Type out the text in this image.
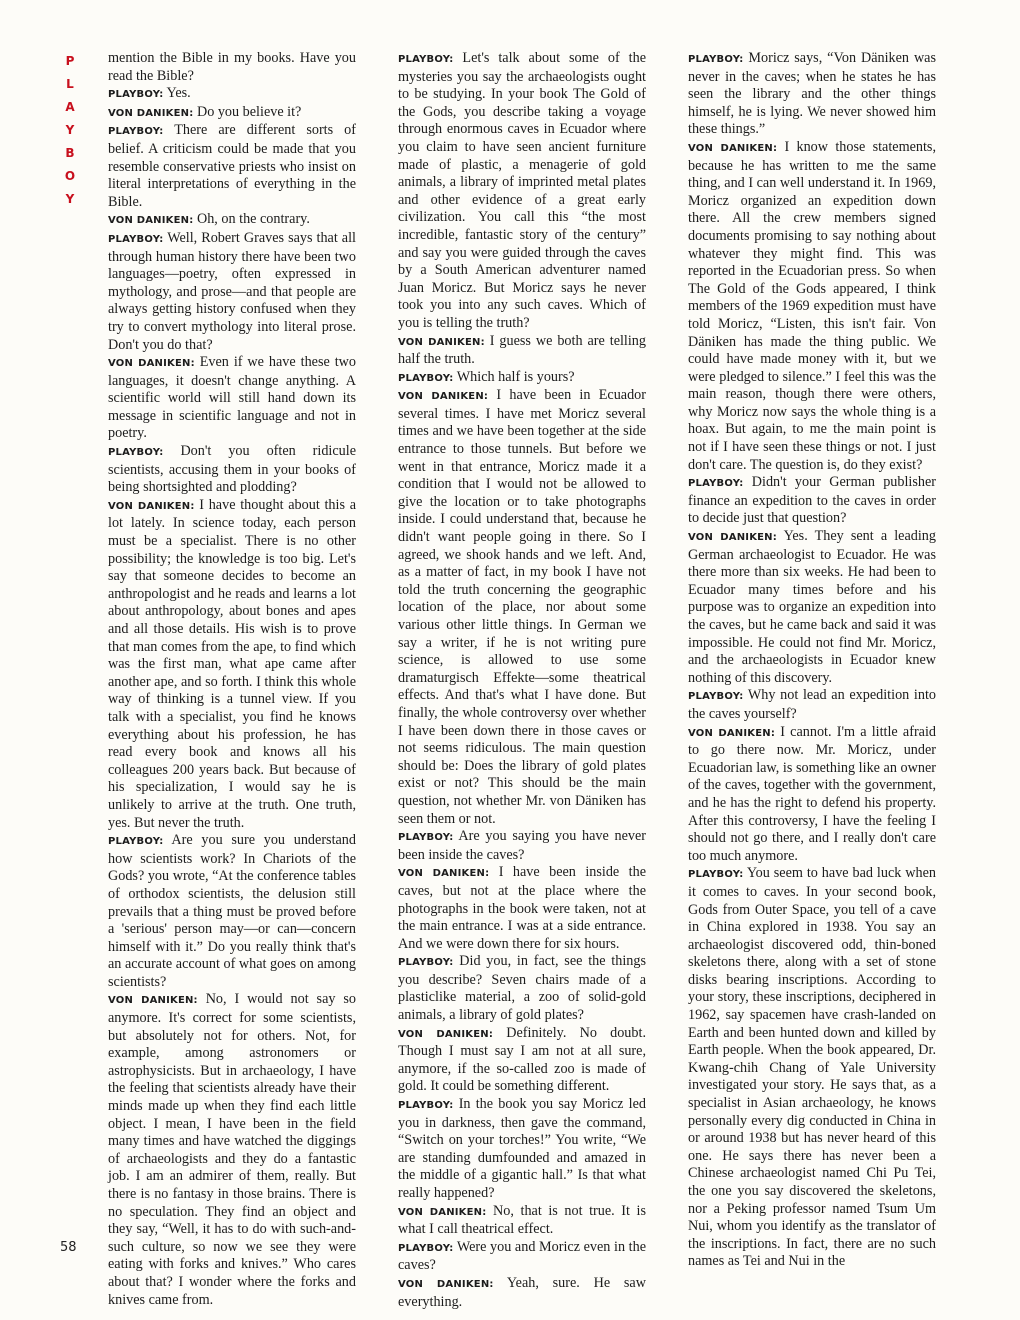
P
L
A
Y
B
O
Y

mention the Bible in my books. Have you read the Bible?

PLAYBOY: Yes.

VON DANIKEN: Do you believe it?

PLAYBOY: There are different sorts of belief. A criticism could be made that you resemble conservative priests who insist on literal interpretations of everything in the Bible.

VON DANIKEN: Oh, on the contrary.

PLAYBOY: Well, Robert Graves says that all through human history there have been two languages—poetry, often expressed in mythology, and prose—and that people are always getting history confused when they try to convert mythology into literal prose. Don't you do that?

VON DANIKEN: Even if we have these two languages, it doesn't change anything. A scientific world will still hand down its message in scientific language and not in poetry.

PLAYBOY: Don't you often ridicule scientists, accusing them in your books of being shortsighted and plodding?

VON DANIKEN: I have thought about this a lot lately. In science today, each person must be a specialist. There is no other possibility; the knowledge is too big. Let's say that someone decides to become an anthropologist and he reads and learns a lot about anthropology, about bones and apes and all those details. His wish is to prove that man comes from the ape, to find which was the first man, what ape came after another ape, and so forth. I think this whole way of thinking is a tunnel view. If you talk with a specialist, you find he knows everything about his profession, he has read every book and knows all his colleagues 200 years back. But because of his specialization, I would say he is unlikely to arrive at the truth. One truth, yes. But never the truth.

PLAYBOY: Are you sure you understand how scientists work? In Chariots of the Gods? you wrote, “At the conference tables of orthodox scientists, the delusion still prevails that a thing must be proved before a 'serious' person may—or can—concern himself with it.” Do you really think that's an accurate account of what goes on among scientists?

VON DANIKEN: No, I would not say so anymore. It's correct for some scientists, but absolutely not for others. Not, for example, among astronomers or astrophysicists. But in archaeology, I have the feeling that scientists already have their minds made up when they find each little object. I mean, I have been in the field many times and have watched the diggings of archaeologists and they do a fantastic job. I am an admirer of them, really. But there is no fantasy in those brains. There is no speculation. They find an object and they say, “Well, it has to do with such-and-such culture, so now we see they were eating with forks and knives.” Who cares about that? I wonder where the forks and knives came from.

PLAYBOY: Let's talk about some of the mysteries you say the archaeologists ought to be studying. In your book The Gold of the Gods, you describe taking a voyage through enormous caves in Ecuador where you claim to have seen ancient furniture made of plastic, a menagerie of gold animals, a library of imprinted metal plates and other evidence of a great early civilization. You call this “the most incredible, fantastic story of the century” and say you were guided through the caves by a South American adventurer named Juan Moricz. But Moricz says he never took you into any such caves. Which of you is telling the truth?

VON DANIKEN: I guess we both are telling half the truth.

PLAYBOY: Which half is yours?

VON DANIKEN: I have been in Ecuador several times. I have met Moricz several times and we have been together at the side entrance to those tunnels. But before we went in that entrance, Moricz made it a condition that I would not be allowed to give the location or to take photographs inside. I could understand that, because he didn't want people going in there. So I agreed, we shook hands and we left. And, as a matter of fact, in my book I have not told the truth concerning the geographic location of the place, nor about some various other little things. In German we say a writer, if he is not writing pure science, is allowed to use some dramaturgisch Effekte—some theatrical effects. And that's what I have done. But finally, the whole controversy over whether I have been down there in those caves or not seems ridiculous. The main question should be: Does the library of gold plates exist or not? This should be the main question, not whether Mr. von Däniken has seen them or not.

PLAYBOY: Are you saying you have never been inside the caves?

VON DANIKEN: I have been inside the caves, but not at the place where the photographs in the book were taken, not at the main entrance. I was at a side entrance. And we were down there for six hours.

PLAYBOY: Did you, in fact, see the things you describe? Seven chairs made of a plasticlike material, a zoo of solid-gold animals, a library of gold plates?

VON DANIKEN: Definitely. No doubt. Though I must say I am not at all sure, anymore, if the so-called zoo is made of gold. It could be something different.

PLAYBOY: In the book you say Moricz led you in darkness, then gave the command, “Switch on your torches!” You write, “We are standing dumfounded and amazed in the middle of a gigantic hall.” Is that what really happened?

VON DANIKEN: No, that is not true. It is what I call theatrical effect.

PLAYBOY: Were you and Moricz even in the caves?

VON DANIKEN: Yeah, sure. He saw everything.

PLAYBOY: Moricz says, “Von Däniken was never in the caves; when he states he has seen the library and the other things himself, he is lying. We never showed him these things.”

VON DANIKEN: I know those statements, because he has written to me the same thing, and I can well understand it. In 1969, Moricz organized an expedition down there. All the crew members signed documents promising to say nothing about whatever they might find. This was reported in the Ecuadorian press. So when The Gold of the Gods appeared, I think members of the 1969 expedition must have told Moricz, “Listen, this isn't fair. Von Däniken has made the thing public. We could have made money with it, but we were pledged to silence.” I feel this was the main reason, though there were others, why Moricz now says the whole thing is a hoax. But again, to me the main point is not if I have seen these things or not. I just don't care. The question is, do they exist?

PLAYBOY: Didn't your German publisher finance an expedition to the caves in order to decide just that question?

VON DANIKEN: Yes. They sent a leading German archaeologist to Ecuador. He was there more than six weeks. He had been to Ecuador many times before and his purpose was to organize an expedition into the caves, but he came back and said it was impossible. He could not find Mr. Moricz, and the archaeologists in Ecuador knew nothing of this discovery.

PLAYBOY: Why not lead an expedition into the caves yourself?

VON DANIKEN: I cannot. I'm a little afraid to go there now. Mr. Moricz, under Ecuadorian law, is something like an owner of the caves, together with the government, and he has the right to defend his property. After this controversy, I have the feeling I should not go there, and I really don't care too much anymore.

PLAYBOY: You seem to have bad luck when it comes to caves. In your second book, Gods from Outer Space, you tell of a cave in China explored in 1938. You say an archaeologist discovered odd, thin-boned skeletons there, along with a set of stone disks bearing inscriptions. According to your story, these inscriptions, deciphered in 1962, say spacemen have crash-landed on Earth and been hunted down and killed by Earth people. When the book appeared, Dr. Kwang-chih Chang of Yale University investigated your story. He says that, as a specialist in Asian archaeology, he knows personally every dig conducted in China in or around 1938 but has never heard of this one. He says there has never been a Chinese archaeologist named Chi Pu Tei, the one you say discovered the skeletons, nor a Peking professor named Tsum Um Nui, whom you identify as the translator of the inscriptions. In fact, there are no such names as Tei and Nui in the

58
